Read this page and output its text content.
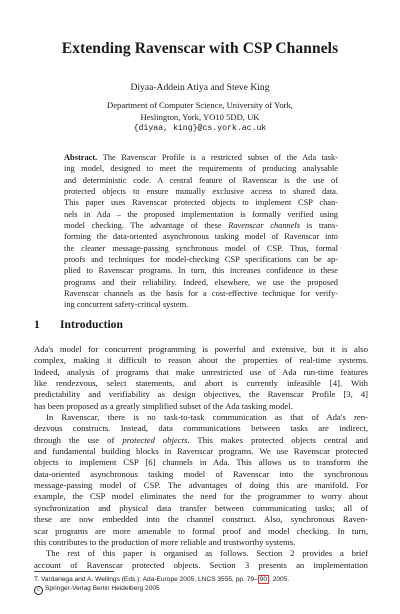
Extending Ravenscar with CSP Channels
Diyaa-Addein Atiya and Steve King
Department of Computer Science, University of York,
Heslington, York, YO10 5DD, UK
{diyaa, king}@cs.york.ac.uk
Abstract. The Ravenscar Profile is a restricted subset of the Ada task-
ing model, designed to meet the requirements of producing analysable
and deterministic code. A central feature of Ravenscar is the use of
protected objects to ensure mutually exclusive access to shared data.
This paper uses Ravenscar protected objects to implement CSP chan-
nels in Ada – the proposed implementation is formally verified using
model checking. The advantage of these Ravenscar channels is trans-
forming the data-oriented asynchronous tasking model of Ravenscar into
the cleaner message-passing synchronous model of CSP. Thus, formal
proofs and techniques for model-checking CSP specifications can be ap-
plied to Ravenscar programs. In turn, this increases confidence in these
programs and their reliability. Indeed, elsewhere, we use the proposed
Ravenscar channels as the basis for a cost-effective technique for verify-
ing concurrent safety-critical system.
1 Introduction
Ada's model for concurrent programming is powerful and extensive, but it is also
complex, making it difficult to reason about the properties of real-time systems.
Indeed, analysis of programs that make unrestricted use of Ada run-time features
like rendezvous, select statements, and abort is currently infeasible [4]. With
predictability and verifiability as design objectives, the Ravenscar Profile [3, 4]
has been proposed as a greatly simplified subset of the Ada tasking model.
In Ravenscar, there is no task-to-task communication as that of Ada's ren-
dezvous constructs. Instead, data communications between tasks are indirect,
through the use of protected objects. This makes protected objects central and
and fundamental building blocks in Ravenscar programs. We use Ravenscar protected
objects to implement CSP [6] channels in Ada. This allows us to transform the
data-oriented asynchronous tasking model of Ravenscar into the synchronous
message-passing model of CSP. The advantages of doing this are manifold. For
example, the CSP model eliminates the need for the programmer to worry about
synchronization and physical data transfer between communicating tasks; all of
these are now embedded into the channel construct. Also, synchronous Raven-
scar programs are more amenable to formal proof and model checking. In turn,
this contributes to the production of more reliable and trustworthy systems.
The rest of this paper is organised as follows. Section 2 provides a brief
account of Ravenscar protected objects. Section 3 presents an implementation
T. Vardanega and A. Wellings (Eds.): Ada-Europe 2005, LNCS 3555, pp. 79– 90 , 2005.
c Springer-Verlag Berlin Heidelberg 2005
